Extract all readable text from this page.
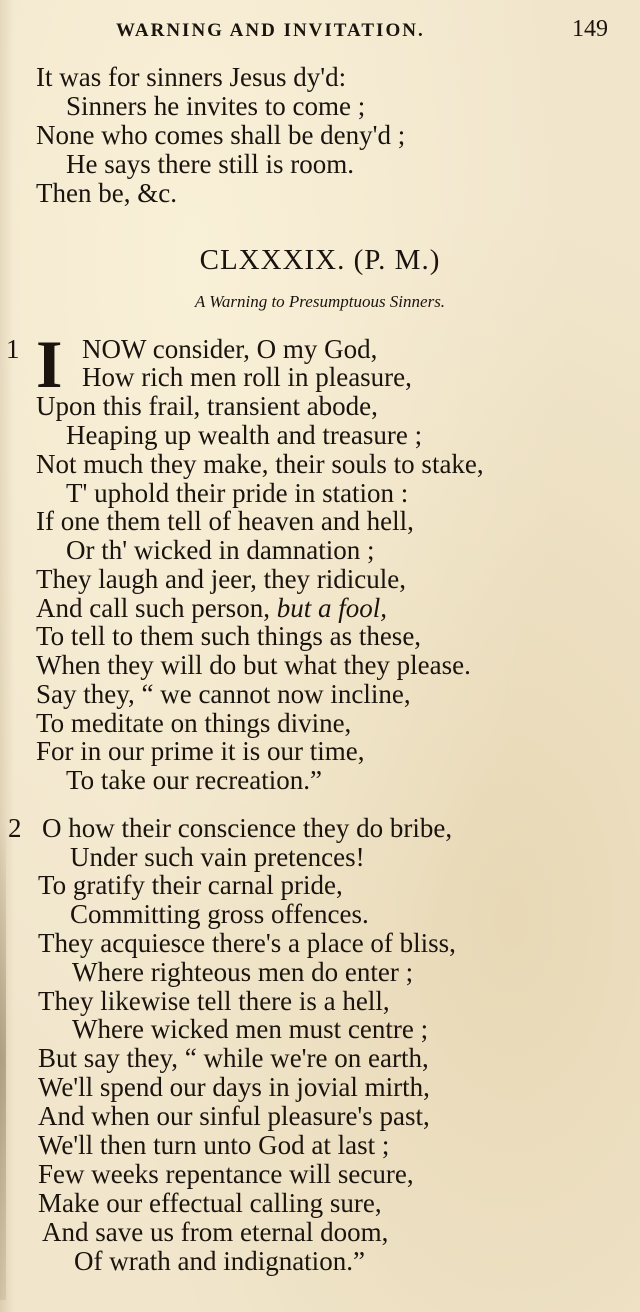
WARNING AND INVITATION.	149
It was for sinners Jesus dy'd:
Sinners he invites to come ;
None who comes shall be deny'd ;
He says there still is room.
Then be, &c.
CLXXXIX. (P. M.)
A Warning to Presumptuous Sinners.
1 I NOW consider, O my God,
How rich men roll in pleasure,
Upon this frail, transient abode,
Heaping up wealth and treasure ;
Not much they make, their souls to stake,
T' uphold their pride in station :
If one them tell of heaven and hell,
Or th' wicked in damnation ;
They laugh and jeer, they ridicule,
And call such person, but a fool,
To tell to them such things as these,
When they will do but what they please.
Say they, “ we cannot now incline,
To meditate on things divine,
For in our prime it is our time,
To take our recreation.”
2 O how their conscience they do bribe,
Under such vain pretences!
To gratify their carnal pride,
Committing gross offences.
They acquiesce there's a place of bliss,
Where righteous men do enter ;
They likewise tell there is a hell,
Where wicked men must centre ;
But say they, “ while we're on earth,
We'll spend our days in jovial mirth,
And when our sinful pleasure's past,
We'll then turn unto God at last ;
Few weeks repentance will secure,
Make our effectual calling sure,
And save us from eternal doom,
Of wrath and indignation.”
